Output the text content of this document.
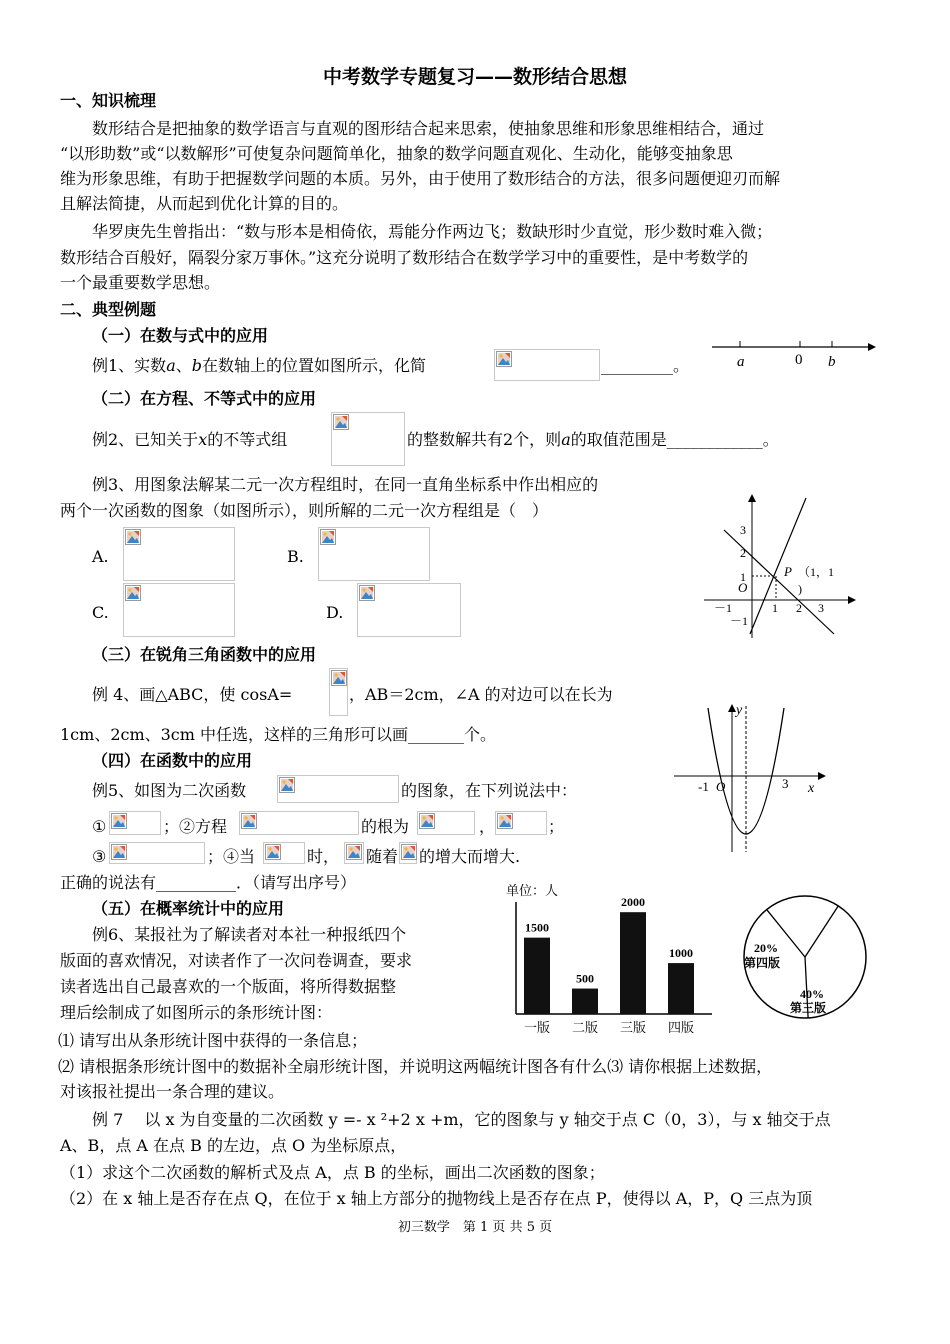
中考数学专题复习——数形结合思想
一、知识梳理
数形结合是把抽象的数学语言与直观的图形结合起来思索，使抽象思维和形象思维相结合，通过
“以形助数”或“以数解形”可使复杂问题简单化，抽象的数学问题直观化、生动化，能够变抽象思
维为形象思维，有助于把握数学问题的本质。另外，由于使用了数形结合的方法，很多问题便迎刃而解
且解法简捷，从而起到优化计算的目的。
华罗庚先生曾指出：“数与形本是相倚依，焉能分作两边飞；数缺形时少直觉，形少数时难入微；
数形结合百般好，隔裂分家万事休。”这充分说明了数形结合在数学学习中的重要性，是中考数学的
一个最重要数学思想。
二、典型例题
（一）在数与式中的应用
例1、实数a、b在数轴上的位置如图所示，化简	_________。	a	0 b
（二）在方程、不等式中的应用
例2、已知关于x的不等式组	的整数解共有2个，则a的取值范围是____________。
例3、用图象法解某二元一次方程组时，在同一直角坐标系中作出相应的
两个一次函数的图象（如图所示），则所解的二元一次方程组是（　）
A.	B.
C.	D.
3
2
1
O
－1
－1	1 2 3
P （1，1
)
（三）在锐角三角函数中的应用
例 4、画△ABC，使 cosA=	，AB＝2cm，∠A 的对边可以在长为
1cm、2cm、3cm 中任选，这样的三角形可以画_______个。
y
x
-1 O	3
（四）在函数中的应用
例5、如图为二次函数	的图象，在下列说法中：
①	；②方程	的根为	，	；
③	；④当	时， 随着 的增大而增大.
正确的说法有__________．（请写出序号）
（五）在概率统计中的应用
例6、某报社为了解读者对本社一种报纸四个
版面的喜欢情况，对读者作了一次问卷调查，要求
读者选出自己最喜欢的一个版面，将所得数据整
理后绘制成了如图所示的条形统计图：
⑴ 请写出从条形统计图中获得的一条信息；
⑵ 请根据条形统计图中的数据补全扇形统计图，并说明这两幅统计图各有什么⑶ 请你根据上述数据，
对该报社提出一条合理的建议。
单位：人
1500
一版
500
二版
2000
三版
1000
四版
20%
第四版
40%
第三版
例 7　 以 x 为自变量的二次函数 y =- x ²+2 x +m，它的图象与 y 轴交于点 C（0，3），与 x 轴交于点
A、B，点 A 在点 B 的左边，点 O 为坐标原点，
（1）求这个二次函数的解析式及点 A，点 B 的坐标，画出二次函数的图象；
（2）在 x 轴上是否存在点 Q，在位于 x 轴上方部分的抛物线上是否存在点 P，使得以 A，P，Q 三点为顶
初三数学　第 1 页 共 5 页
